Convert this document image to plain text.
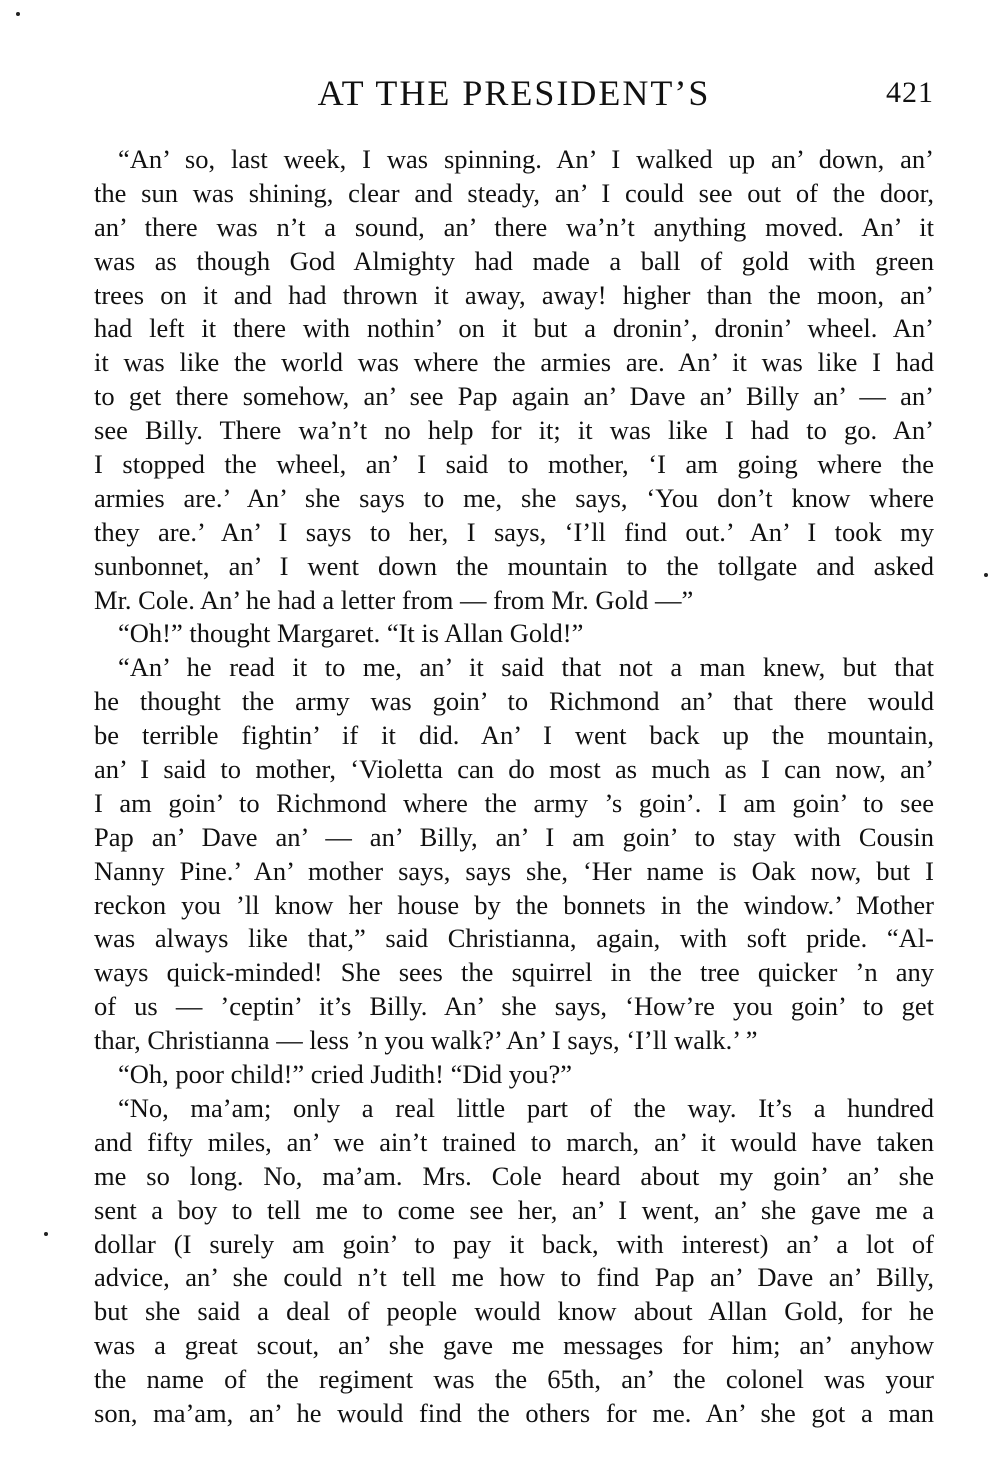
AT THE PRESIDENT’S	421
“An’ so, last week, I was spinning. An’ I walked up an’ down, an’
the sun was shining, clear and steady, an’ I could see out of the door,
an’ there was n’t a sound, an’ there wa’n’t anything moved. An’ it
was as though God Almighty had made a ball of gold with green
trees on it and had thrown it away, away! higher than the moon, an’
had left it there with nothin’ on it but a dronin’, dronin’ wheel. An’
it was like the world was where the armies are. An’ it was like I had
to get there somehow, an’ see Pap again an’ Dave an’ Billy an’ — an’
see Billy. There wa’n’t no help for it; it was like I had to go. An’
I stopped the wheel, an’ I said to mother, ‘I am going where the
armies are.’ An’ she says to me, she says, ‘You don’t know where
they are.’ An’ I says to her, I says, ‘I’ll find out.’ An’ I took my
sunbonnet, an’ I went down the mountain to the tollgate and asked
Mr. Cole. An’ he had a letter from — from Mr. Gold —”
“Oh!” thought Margaret. “It is Allan Gold!”
“An’ he read it to me, an’ it said that not a man knew, but that
he thought the army was goin’ to Richmond an’ that there would
be terrible fightin’ if it did. An’ I went back up the mountain,
an’ I said to mother, ‘Violetta can do most as much as I can now, an’
I am goin’ to Richmond where the army ’s goin’. I am goin’ to see
Pap an’ Dave an’ — an’ Billy, an’ I am goin’ to stay with Cousin
Nanny Pine.’ An’ mother says, says she, ‘Her name is Oak now, but I
reckon you ’ll know her house by the bonnets in the window.’ Mother
was always like that,” said Christianna, again, with soft pride. “Al-
ways quick-minded! She sees the squirrel in the tree quicker ’n any
of us — ’ceptin’ it’s Billy. An’ she says, ‘How’re you goin’ to get
thar, Christianna — less ’n you walk?’ An’ I says, ‘I’ll walk.’ ”
“Oh, poor child!” cried Judith! “Did you?”
“No, ma’am; only a real little part of the way. It’s a hundred
and fifty miles, an’ we ain’t trained to march, an’ it would have taken
me so long. No, ma’am. Mrs. Cole heard about my goin’ an’ she
sent a boy to tell me to come see her, an’ I went, an’ she gave me a
dollar (I surely am goin’ to pay it back, with interest) an’ a lot of
advice, an’ she could n’t tell me how to find Pap an’ Dave an’ Billy,
but she said a deal of people would know about Allan Gold, for he
was a great scout, an’ she gave me messages for him; an’ anyhow
the name of the regiment was the 65th, an’ the colonel was your
son, ma’am, an’ he would find the others for me. An’ she got a man
